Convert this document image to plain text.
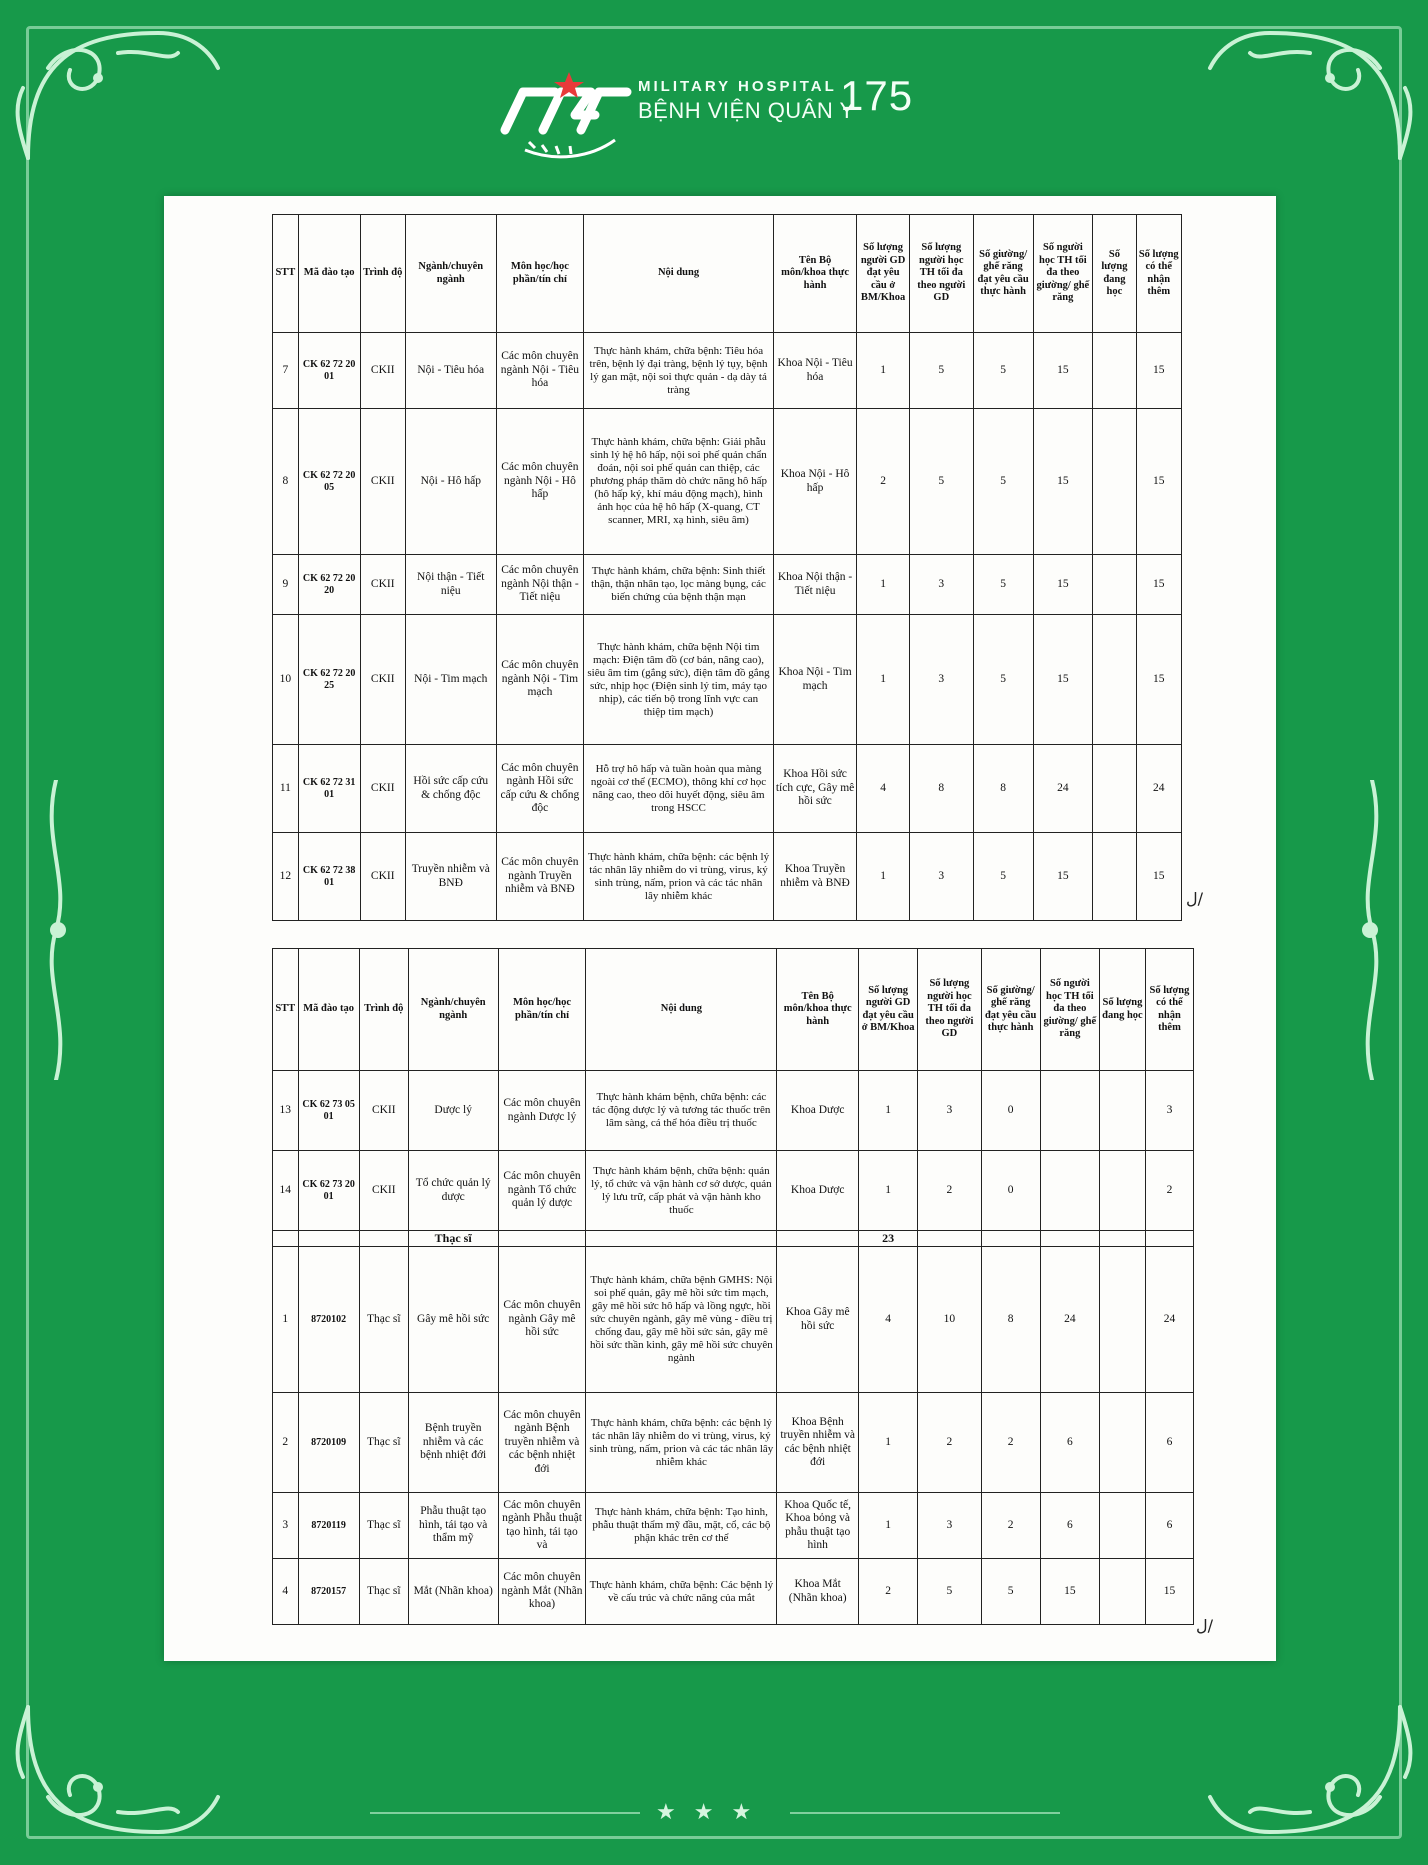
MILITARY HOSPITAL
BỆNH VIỆN QUÂN Y
175
STT	Mã đào tạo	Trình độ	Ngành/chuyên ngành	Môn học/học phần/tín chỉ	Nội dung	Tên Bộ môn/khoa thực hành	Số lượng người GD đạt yêu cầu ở BM/Khoa	Số lượng người học TH tối đa theo người GD	Số giường/ ghế răng đạt yêu cầu thực hành	Số người học TH tối đa theo giường/ ghế răng	Số lượng đang học	Số lượng có thể nhận thêm
7	CK 62 72 20 01	CKII	Nội - Tiêu hóa	Các môn chuyên ngành Nội - Tiêu hóa	Thực hành khám, chữa bệnh: Tiêu hóa trên, bệnh lý đại tràng, bệnh lý tụy, bệnh lý gan mật, nội soi thực quản - dạ dày tá tràng	Khoa Nội - Tiêu hóa	1	5	5	15		15
8	CK 62 72 20 05	CKII	Nội - Hô hấp	Các môn chuyên ngành Nội - Hô hấp	Thực hành khám, chữa bệnh: Giải phẫu sinh lý hệ hô hấp, nội soi phế quản chẩn đoán, nội soi phế quản can thiệp, các phương pháp thăm dò chức năng hô hấp (hô hấp ký, khí máu động mạch), hình ảnh học của hệ hô hấp (X-quang, CT scanner, MRI, xạ hình, siêu âm)	Khoa Nội - Hô hấp	2	5	5	15		15
9	CK 62 72 20 20	CKII	Nội thận - Tiết niệu	Các môn chuyên ngành Nội thận - Tiết niệu	Thực hành khám, chữa bệnh: Sinh thiết thận, thận nhân tạo, lọc màng bụng, các biến chứng của bệnh thận mạn	Khoa Nội thận - Tiết niệu	1	3	5	15		15
10	CK 62 72 20 25	CKII	Nội - Tim mạch	Các môn chuyên ngành Nội - Tim mạch	Thực hành khám, chữa bệnh Nội tim mạch: Điện tâm đồ (cơ bản, nâng cao), siêu âm tim (gắng sức), điện tâm đồ gắng sức, nhịp học (Điện sinh lý tim, máy tạo nhịp), các tiến bộ trong lĩnh vực can thiệp tim mạch)	Khoa Nội - Tim mạch	1	3	5	15		15
11	CK 62 72 31 01	CKII	Hồi sức cấp cứu & chống độc	Các môn chuyên ngành Hồi sức cấp cứu & chống độc	Hỗ trợ hô hấp và tuần hoàn qua màng ngoài cơ thể (ECMO), thông khí cơ học nâng cao, theo dõi huyết động, siêu âm trong HSCC	Khoa Hồi sức tích cực, Gây mê hồi sức	4	8	8	24		24
12	CK 62 72 38 01	CKII	Truyền nhiễm và BNĐ	Các môn chuyên ngành Truyền nhiễm và BNĐ	Thực hành khám, chữa bệnh: các bệnh lý tác nhân lây nhiễm do vi trùng, virus, ký sinh trùng, nấm, prion và các tác nhân lây nhiễm khác	Khoa Truyền nhiễm và BNĐ	1	3	5	15		15
STT	Mã đào tạo	Trình độ	Ngành/chuyên ngành	Môn học/học phần/tín chỉ	Nội dung	Tên Bộ môn/khoa thực hành	Số lượng người GD đạt yêu cầu ở BM/Khoa	Số lượng người học TH tối đa theo người GD	Số giường/ ghế răng đạt yêu cầu thực hành	Số người học TH tối đa theo giường/ ghế răng	Số lượng đang học	Số lượng có thể nhận thêm
13	CK 62 73 05 01	CKII	Dược lý	Các môn chuyên ngành Dược lý	Thực hành khám bệnh, chữa bệnh: các tác động dược lý và tương tác thuốc trên lâm sàng, cá thể hóa điều trị thuốc	Khoa Dược	1	3	0			3
14	CK 62 73 20 01	CKII	Tổ chức quản lý dược	Các môn chuyên ngành Tổ chức quản lý dược	Thực hành khám bệnh, chữa bệnh: quản lý, tổ chức và vận hành cơ sở dược, quản lý lưu trữ, cấp phát và vận hành kho thuốc	Khoa Dược	1	2	0			2
			Thạc sĩ				23					
1	8720102	Thạc sĩ	Gây mê hồi sức	Các môn chuyên ngành Gây mê hồi sức	Thực hành khám, chữa bệnh GMHS: Nội soi phế quản, gây mê hồi sức tim mạch, gây mê hồi sức hô hấp và lồng ngực, hồi sức chuyên ngành, gây mê vùng - điều trị chống đau, gây mê hồi sức sản, gây mê hồi sức thần kinh, gây mê hồi sức chuyên ngành	Khoa Gây mê hồi sức	4	10	8	24		24
2	8720109	Thạc sĩ	Bệnh truyền nhiễm và các bệnh nhiệt đới	Các môn chuyên ngành Bệnh truyền nhiễm và các bệnh nhiệt đới	Thực hành khám, chữa bệnh: các bệnh lý tác nhân lây nhiễm do vi trùng, virus, ký sinh trùng, nấm, prion và các tác nhân lây nhiễm khác	Khoa Bệnh truyền nhiễm và các bệnh nhiệt đới	1	2	2	6		6
3	8720119	Thạc sĩ	Phẫu thuật tạo hình, tái tạo và thẩm mỹ	Các môn chuyên ngành Phẫu thuật tạo hình, tái tạo và	Thực hành khám, chữa bệnh: Tạo hình, phẫu thuật thẩm mỹ đầu, mặt, cổ, các bộ phận khác trên cơ thể	Khoa Quốc tế, Khoa bỏng và phẫu thuật tạo hình	1	3	2	6		6
4	8720157	Thạc sĩ	Mắt (Nhãn khoa)	Các môn chuyên ngành Mắt (Nhãn khoa)	Thực hành khám, chữa bệnh: Các bệnh lý về cấu trúc và chức năng của mắt	Khoa Mắt (Nhãn khoa)	2	5	5	15		15
ﻝ/
ﻝ/
★★★
